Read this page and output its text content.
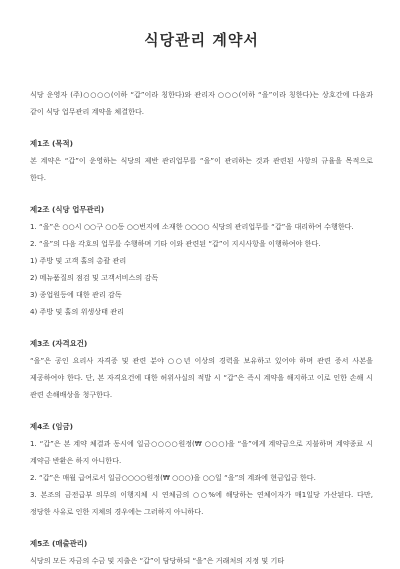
식당관리 계약서

식당 운영자 (주)○○○○(이하 “갑”이라 칭한다)와 관리자 ○○○(이하 “을”이라 칭한다)는 상호간에 다음과 같이 식당 업무관리 계약을 체결한다.

제1조 (목적)

본 계약은 “갑”이 운영하는 식당의 제반 관리업무를 “을”이 관리하는 것과 관련된 사항의 규율을 목적으로 한다.

제2조 (식당 업무관리)

1. “을”은 ○○시 ○○구 ○○동 ○○번지에 소재한 ○○○○ 식당의 관리업무를 “갑”을 대리하여 수행한다.

2. “을”의 다음 각호의 업무를 수행하며 기타 이와 관련된 “갑”이 지시사항을 이행하여야 한다.

1) 주방 및 고객 홀의 총괄 관리

2) 메뉴품질의 점검 및 고객서비스의 감독

3) 종업원등에 대한 관리 감독

4) 주방 및 홀의 위생상태 관리

제3조 (자격요건)

“을”은 공인 요리사 자격증 및 관련 분야 ○○년 이상의 경력을 보유하고 있어야 하며 관련 증서 사본을 제공하여야 한다. 단, 본 자격요건에 대한 허위사실의 적발 시 “갑”은 즉시 계약을 해지하고 이로 인한 손해 시 관련 손해배상을 청구한다.

제4조 (임금)

1. “갑”은 본 계약 체결과 동시에 일금○○○○원정(₩ ○○○)을 “을”에게 계약금으로 지불하며 계약종료 시 계약금 반환은 하지 아니한다.

2. “갑”은 매월 급여로서 일금○○○○원정(₩ ○○○)을 ○○일 “을”의 계좌에 현금입금 한다.

3. 본조의 금전급부 의무의 이행지체 시 연체금의 ○○%에 해당하는 연체이자가 매1일당 가산된다. 다만, 정당한 사유로 인한 지체의 경우에는 그러하지 아니하다.

제5조 (매출관리)

식당의 모든 자금의 수금 및 지출은 “갑”이 담당하되 “을”은 거래처의 지정 및 기타
